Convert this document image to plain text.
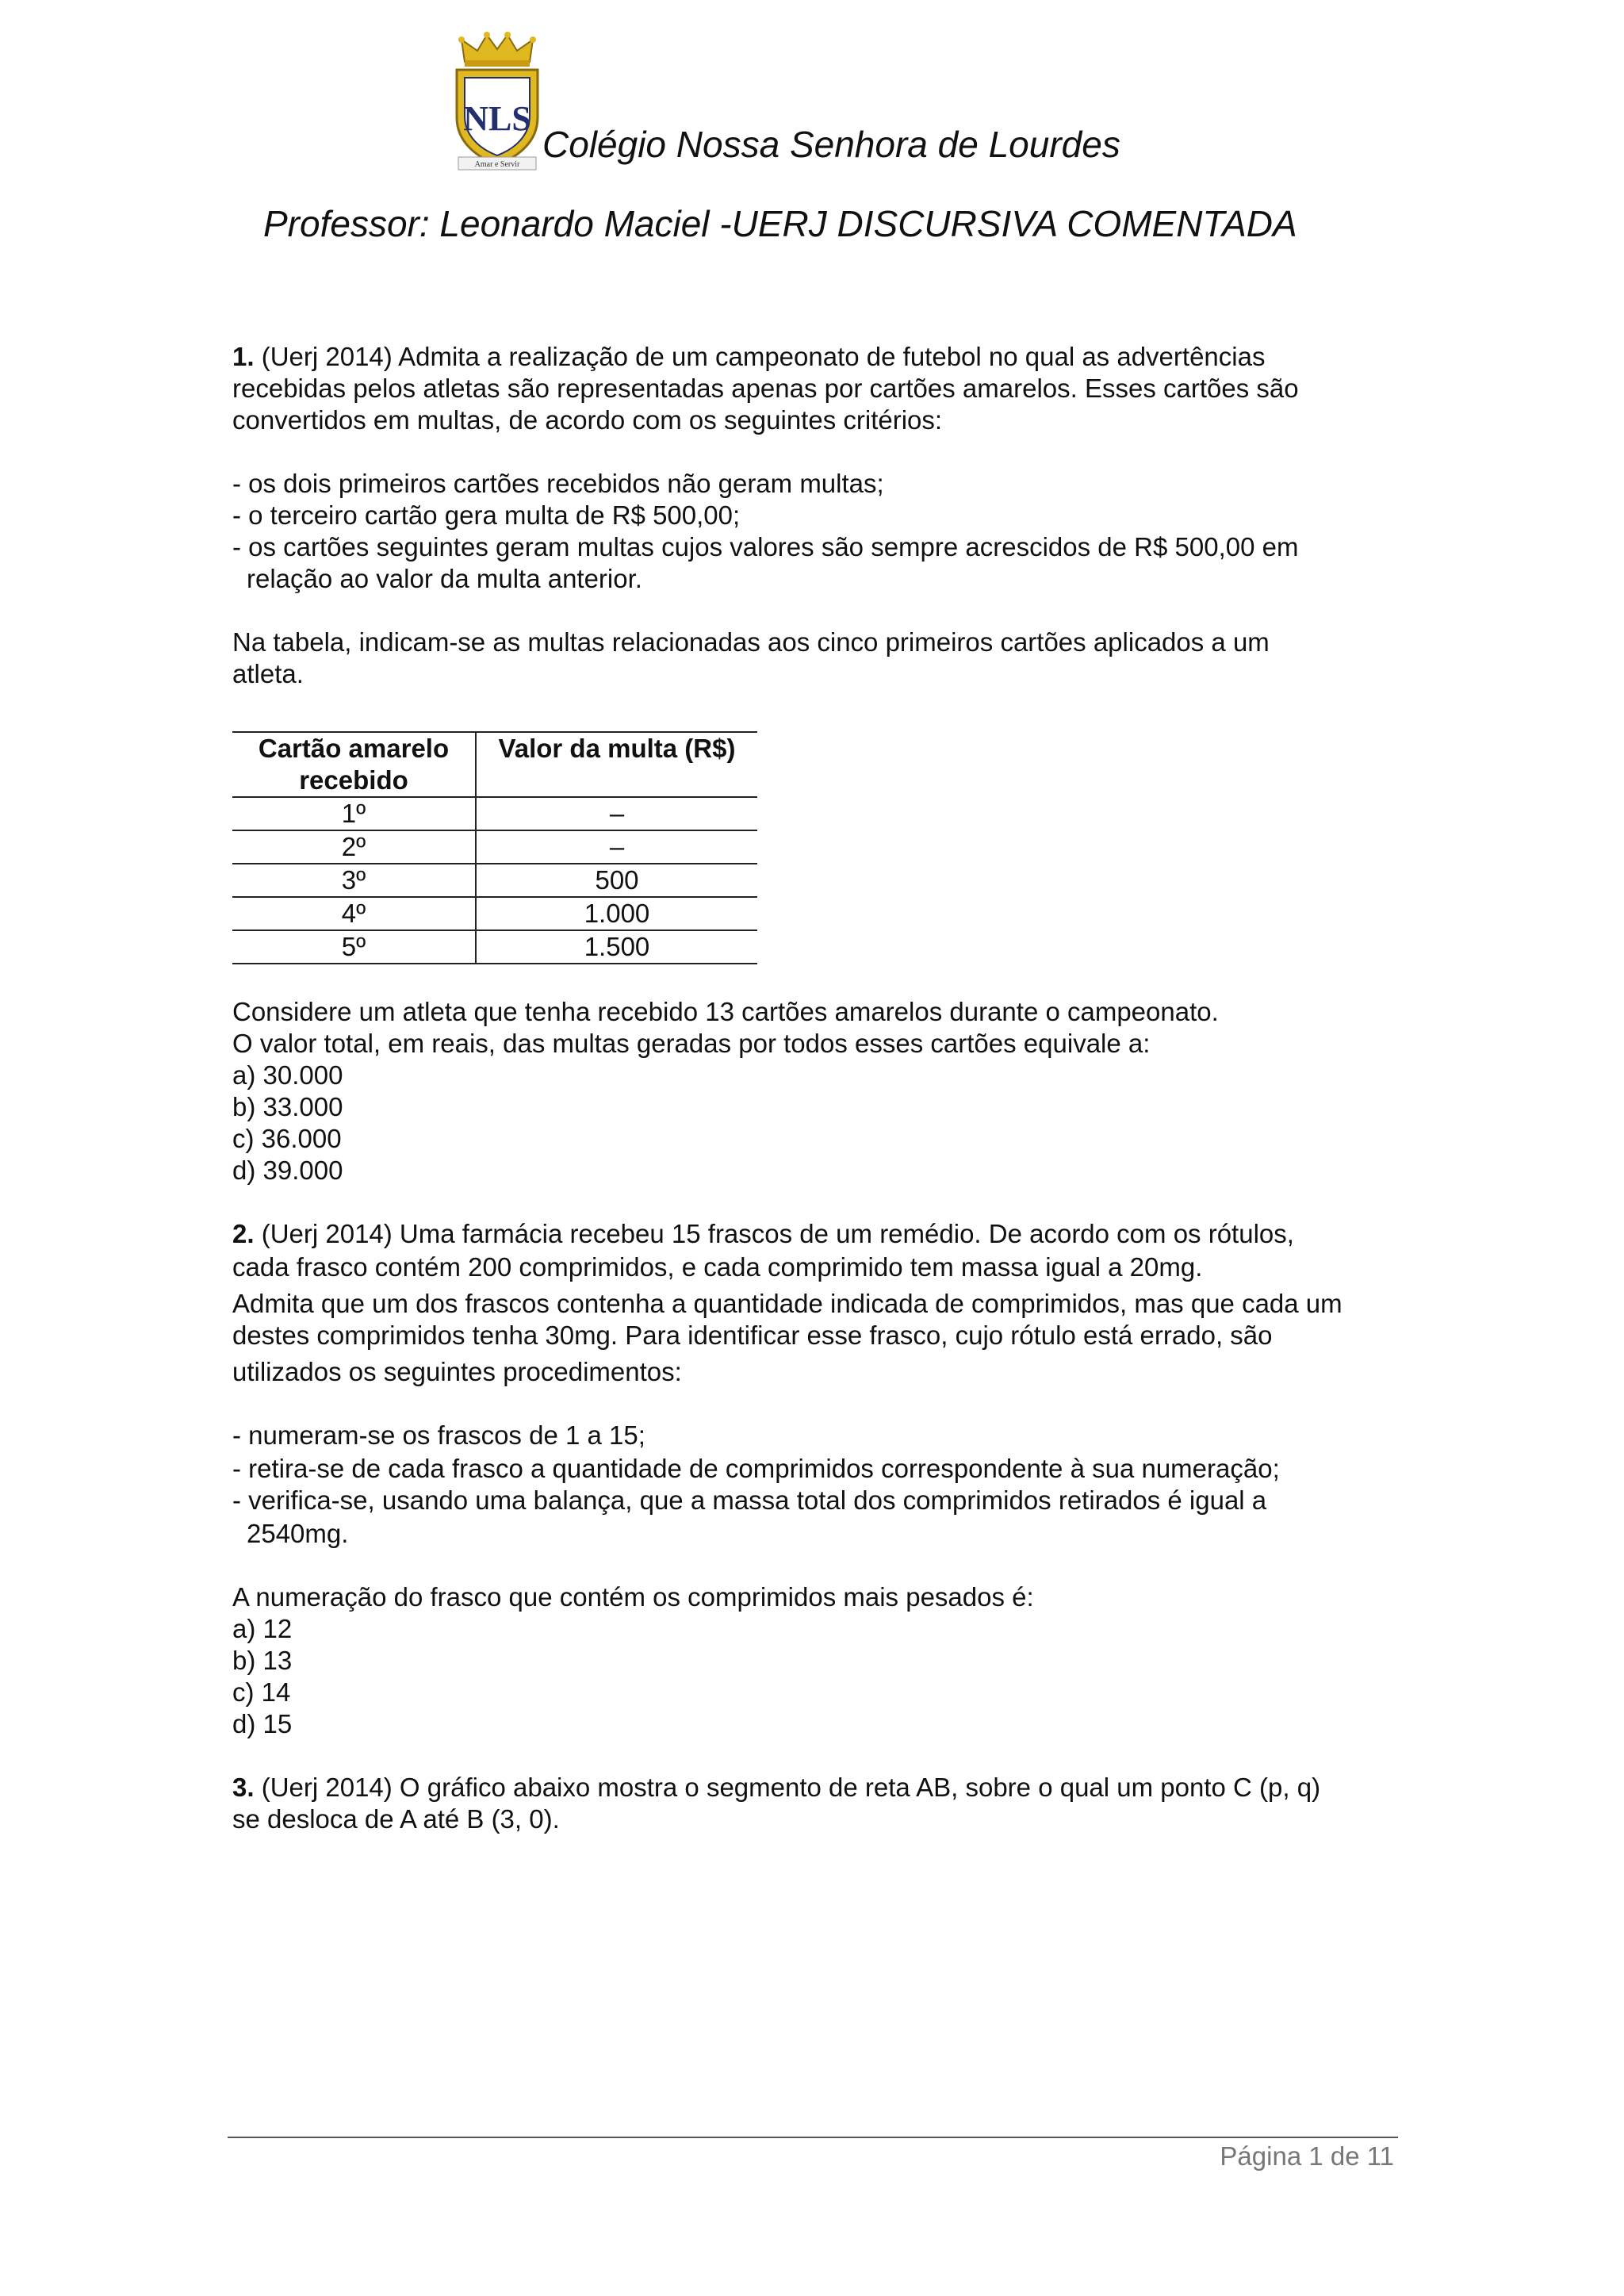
NLS
Amar e Servir Colégio Nossa Senhora de Lourdes
Professor: Leonardo Maciel -UERJ DISCURSIVA COMENTADA

1. (Uerj 2014) Admita a realização de um campeonato de futebol no qual as advertências

recebidas pelos atletas são representadas apenas por cartões amarelos. Esses cartões são

convertidos em multas, de acordo com os seguintes critérios:

- os dois primeiros cartões recebidos não geram multas;

- o terceiro cartão gera multa de R$ 500,00;

- os cartões seguintes geram multas cujos valores são sempre acrescidos de R$ 500,00 em

relação ao valor da multa anterior.

Na tabela, indicam-se as multas relacionadas aos cinco primeiros cartões aplicados a um

atleta.

Cartão amarelo
recebido	Valor da multa (R$)
1º	–
2º	–
3º	500
4º	1.000
5º	1.500

Considere um atleta que tenha recebido 13 cartões amarelos durante o campeonato.

O valor total, em reais, das multas geradas por todos esses cartões equivale a:

a) 30.000

b) 33.000

c) 36.000

d) 39.000

2. (Uerj 2014) Uma farmácia recebeu 15 frascos de um remédio. De acordo com os rótulos,

cada frasco contém 200 comprimidos, e cada comprimido tem massa igual a 20mg.

Admita que um dos frascos contenha a quantidade indicada de comprimidos, mas que cada um

destes comprimidos tenha 30mg. Para identificar esse frasco, cujo rótulo está errado, são

utilizados os seguintes procedimentos:

- numeram-se os frascos de 1 a 15;

- retira-se de cada frasco a quantidade de comprimidos correspondente à sua numeração;

- verifica-se, usando uma balança, que a massa total dos comprimidos retirados é igual a

2540mg.

A numeração do frasco que contém os comprimidos mais pesados é:

a) 12

b) 13

c) 14

d) 15

3. (Uerj 2014) O gráfico abaixo mostra o segmento de reta AB, sobre o qual um ponto C (p, q)

se desloca de A até B (3, 0).

Página 1 de 11
